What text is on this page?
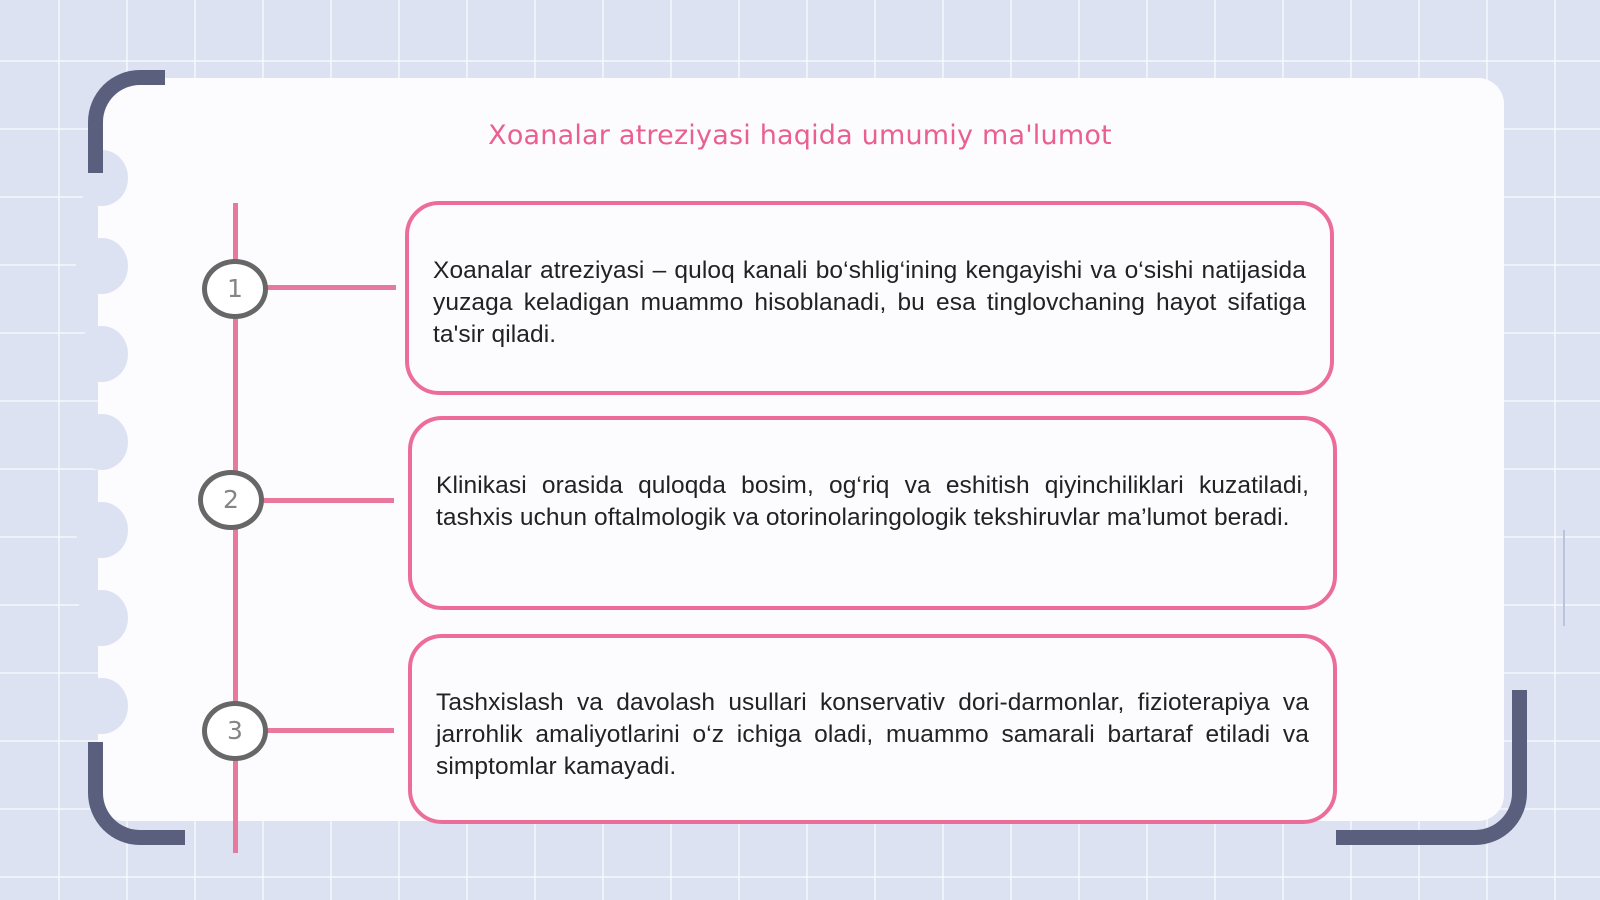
Xoanalar atreziyasi haqida umumiy ma'lumot
1
Xoanalar atreziyasi – quloq kanali bo‘shlig‘ining kengayishi va o‘sishi natijasida yuzaga keladigan muammo hisoblanadi, bu esa tinglovchaning hayot sifatiga ta'sir qiladi.
2	Klinikasi orasida quloqda bosim, og‘riq va eshitish qiyinchiliklari kuzatiladi, tashxis uchun oftalmologik va otorinolaringologik tekshiruvlar ma’lumot beradi.
3
Tashxislash va davolash usullari konservativ dori-darmonlar, fizioterapiya va jarrohlik amaliyotlarini o‘z ichiga oladi, muammo samarali bartaraf etiladi va simptomlar kamayadi.
